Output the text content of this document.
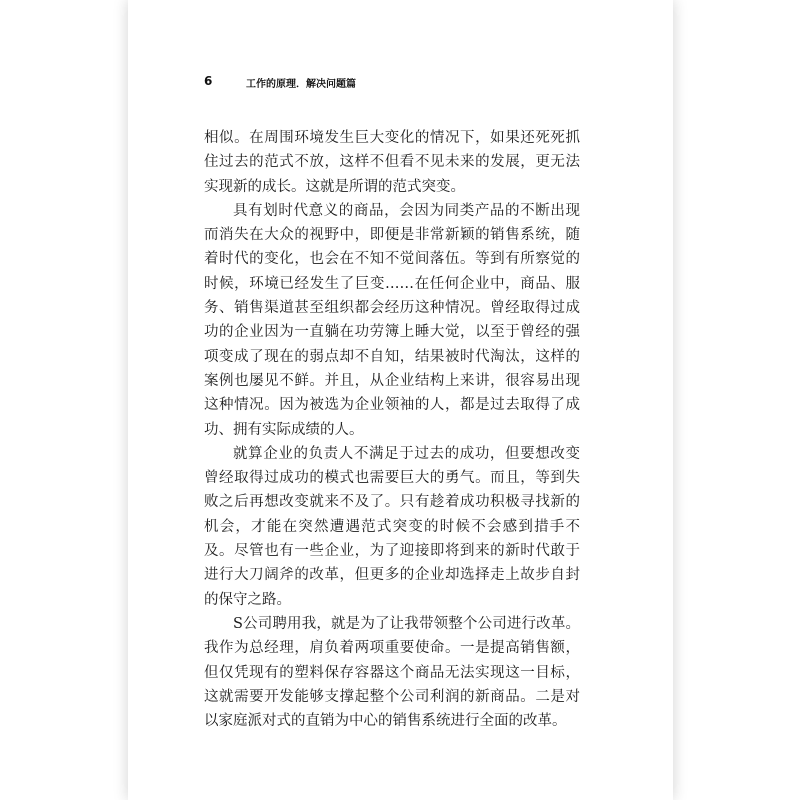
6	工作的原理．解决问题篇

相似。在周围环境发生巨大变化的情况下，如果还死死抓住过去的范式不放，这样不但看不见未来的发展，更无法实现新的成长。这就是所谓的范式突变。

具有划时代意义的商品，会因为同类产品的不断出现而消失在大众的视野中，即便是非常新颖的销售系统，随着时代的变化，也会在不知不觉间落伍。等到有所察觉的时候，环境已经发生了巨变……在任何企业中，商品、服务、销售渠道甚至组织都会经历这种情况。曾经取得过成功的企业因为一直躺在功劳簿上睡大觉，以至于曾经的强项变成了现在的弱点却不自知，结果被时代淘汰，这样的案例也屡见不鲜。并且，从企业结构上来讲，很容易出现这种情况。因为被选为企业领袖的人，都是过去取得了成功、拥有实际成绩的人。

就算企业的负责人不满足于过去的成功，但要想改变曾经取得过成功的模式也需要巨大的勇气。而且，等到失败之后再想改变就来不及了。只有趁着成功积极寻找新的机会，才能在突然遭遇范式突变的时候不会感到措手不及。尽管也有一些企业，为了迎接即将到来的新时代敢于进行大刀阔斧的改革，但更多的企业却选择走上故步自封的保守之路。

S公司聘用我，就是为了让我带领整个公司进行改革。我作为总经理，肩负着两项重要使命。一是提高销售额，但仅凭现有的塑料保存容器这个商品无法实现这一目标，这就需要开发能够支撑起整个公司利润的新商品。二是对以家庭派对式的直销为中心的销售系统进行全面的改革。
